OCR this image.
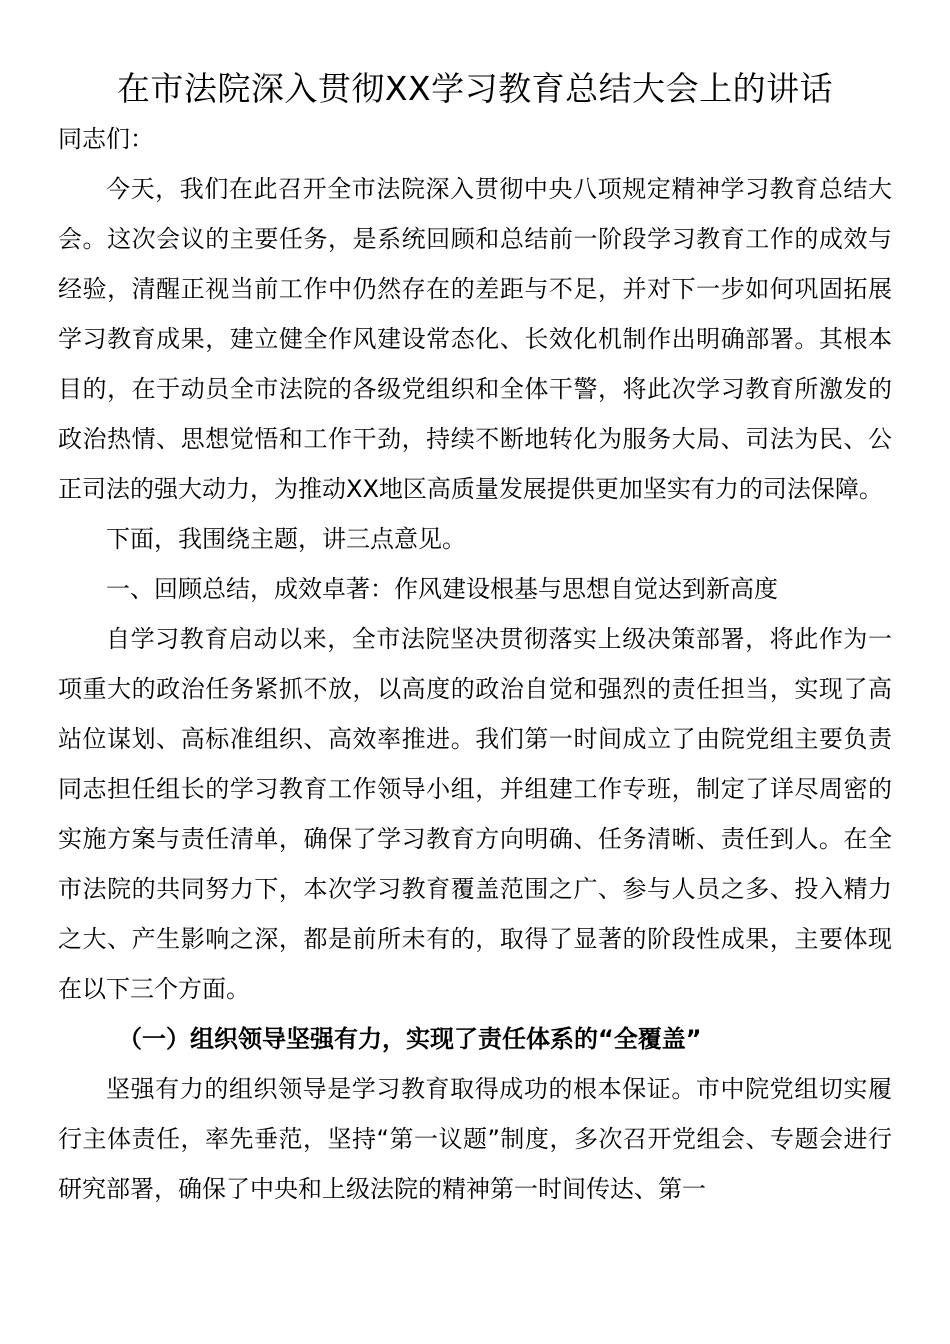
在市法院深入贯彻XX学习教育总结大会上的讲话

同志们：

今天，我们在此召开全市法院深入贯彻中央八项规定精神学习教育总结大会。这次会议的主要任务，是系统回顾和总结前一阶段学习教育工作的成效与经验，清醒正视当前工作中仍然存在的差距与不足，并对下一步如何巩固拓展学习教育成果，建立健全作风建设常态化、长效化机制作出明确部署。其根本目的，在于动员全市法院的各级党组织和全体干警，将此次学习教育所激发的政治热情、思想觉悟和工作干劲，持续不断地转化为服务大局、司法为民、公正司法的强大动力，为推动XX地区高质量发展提供更加坚实有力的司法保障。

下面，我围绕主题，讲三点意见。

一、回顾总结，成效卓著：作风建设根基与思想自觉达到新高度

自学习教育启动以来，全市法院坚决贯彻落实上级决策部署，将此作为一项重大的政治任务紧抓不放，以高度的政治自觉和强烈的责任担当，实现了高站位谋划、高标准组织、高效率推进。我们第一时间成立了由院党组主要负责同志担任组长的学习教育工作领导小组，并组建工作专班，制定了详尽周密的实施方案与责任清单，确保了学习教育方向明确、任务清晰、责任到人。在全市法院的共同努力下，本次学习教育覆盖范围之广、参与人员之多、投入精力之大、产生影响之深，都是前所未有的，取得了显著的阶段性成果，主要体现在以下三个方面。

（一）组织领导坚强有力，实现了责任体系的“全覆盖”

坚强有力的组织领导是学习教育取得成功的根本保证。市中院党组切实履行主体责任，率先垂范，坚持“第一议题”制度，多次召开党组会、专题会进行研究部署，确保了中央和上级法院的精神第一时间传达、第一
